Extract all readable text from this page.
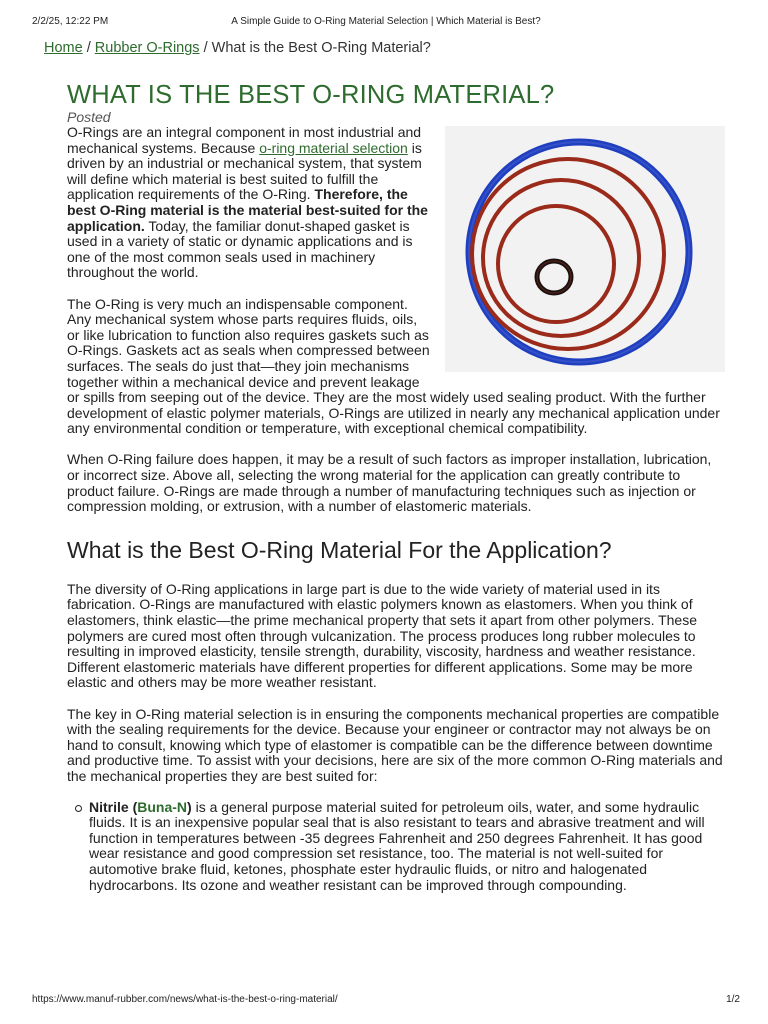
2/2/25, 12:22 PM	A Simple Guide to O-Ring Material Selection | Which Material is Best?
Home / Rubber O-Rings / What is the Best O-Ring Material?
WHAT IS THE BEST O-RING MATERIAL?
Posted

O-Rings are an integral component in most industrial and mechanical systems. Because o-ring material selection is driven by an industrial or mechanical system, that system will define which material is best suited to fulfill the application requirements of the O-Ring. Therefore, the best O-Ring material is the material best-suited for the application. Today, the familiar donut-shaped gasket is used in a variety of static or dynamic applications and is one of the most common seals used in machinery throughout the world.

The O-Ring is very much an indispensable component. Any mechanical system whose parts requires fluids, oils, or like lubrication to function also requires gaskets such as O-Rings. Gaskets act as seals when compressed between surfaces. The seals do just that—they join mechanisms together within a mechanical device and prevent leakage or spills from seeping out of the device. They are the most widely used sealing product. With the further development of elastic polymer materials, O-Rings are utilized in nearly any mechanical application under any environmental condition or temperature, with exceptional chemical compatibility.

When O-Ring failure does happen, it may be a result of such factors as improper installation, lubrication, or incorrect size. Above all, selecting the wrong material for the application can greatly contribute to product failure. O-Rings are made through a number of manufacturing techniques such as injection or compression molding, or extrusion, with a number of elastomeric materials.

What is the Best O-Ring Material For the Application?

The diversity of O-Ring applications in large part is due to the wide variety of material used in its fabrication. O-Rings are manufactured with elastic polymers known as elastomers. When you think of elastomers, think elastic—the prime mechanical property that sets it apart from other polymers. These polymers are cured most often through vulcanization. The process produces long rubber molecules to resulting in improved elasticity, tensile strength, durability, viscosity, hardness and weather resistance. Different elastomeric materials have different properties for different applications. Some may be more elastic and others may be more weather resistant.

The key in O-Ring material selection is in ensuring the components mechanical properties are compatible with the sealing requirements for the device. Because your engineer or contractor may not always be on hand to consult, knowing which type of elastomer is compatible can be the difference between downtime and productive time. To assist with your decisions, here are six of the more common O-Ring materials and the mechanical properties they are best suited for:

Nitrile (Buna-N) is a general purpose material suited for petroleum oils, water, and some hydraulic fluids. It is an inexpensive popular seal that is also resistant to tears and abrasive treatment and will function in temperatures between -35 degrees Fahrenheit and 250 degrees Fahrenheit. It has good wear resistance and good compression set resistance, too. The material is not well-suited for automotive brake fluid, ketones, phosphate ester hydraulic fluids, or nitro and halogenated hydrocarbons. Its ozone and weather resistant can be improved through compounding.
https://www.manuf-rubber.com/news/what-is-the-best-o-ring-material/	1/2
